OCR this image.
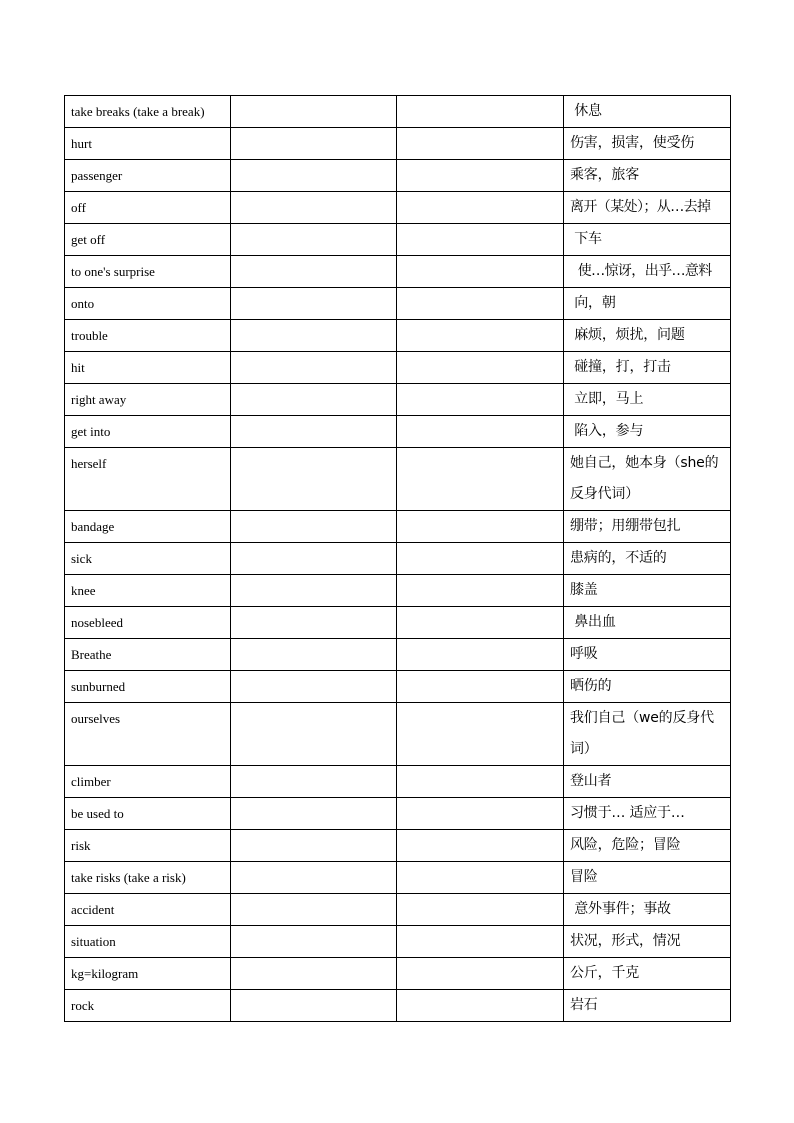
take breaks (take a break)			休息
hurt			伤害，损害，使受伤
passenger			乘客，旅客
off			离开（某处）；从…去掉
get off			下车
to one's surprise			使…惊讶，出乎…意料
onto			向，朝
trouble			麻烦，烦扰，问题
hit			碰撞，打，打击
right away			立即，马上
get into			陷入，参与
herself			她自己，她本身（she的反身代词）
bandage			绷带；用绷带包扎
sick			患病的，不适的
knee			膝盖
nosebleed			鼻出血
Breathe			呼吸
sunburned			晒伤的
ourselves			我们自己（we的反身代词）
climber			登山者
be used to			习惯于… 适应于…
risk			风险，危险；冒险
take risks (take a risk)			冒险
accident			意外事件；事故
situation			状况，形式，情况
kg=kilogram			公斤，千克
rock			岩石
